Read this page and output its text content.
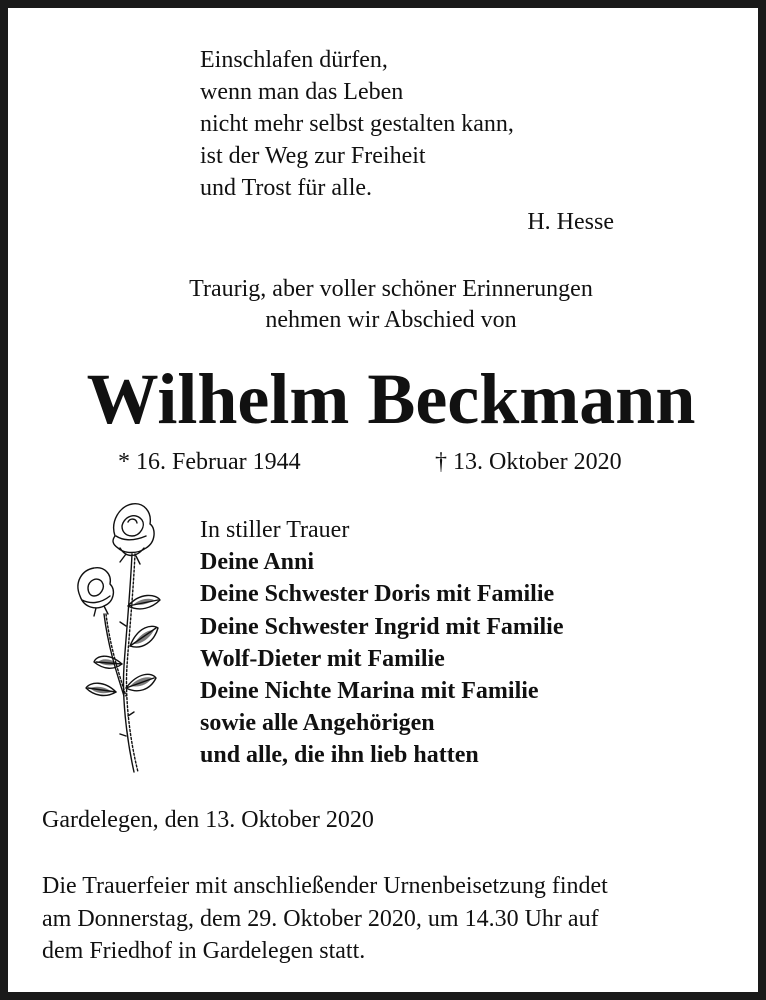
Einschlafen dürfen,
wenn man das Leben
nicht mehr selbst gestalten kann,
ist der Weg zur Freiheit
und Trost für alle.
H. Hesse
Traurig, aber voller schöner Erinnerungen
nehmen wir Abschied von
Wilhelm Beckmann
* 16. Februar 1944	† 13. Oktober 2020
In stiller Trauer
Deine Anni
Deine Schwester Doris mit Familie
Deine Schwester Ingrid mit Familie
Wolf-Dieter mit Familie
Deine Nichte Marina mit Familie
sowie alle Angehörigen
und alle, die ihn lieb hatten
Gardelegen, den 13. Oktober 2020
Die Trauerfeier mit anschließender Urnenbeisetzung findet
am Donnerstag, dem 29. Oktober 2020, um 14.30 Uhr auf
dem Friedhof in Gardelegen statt.
